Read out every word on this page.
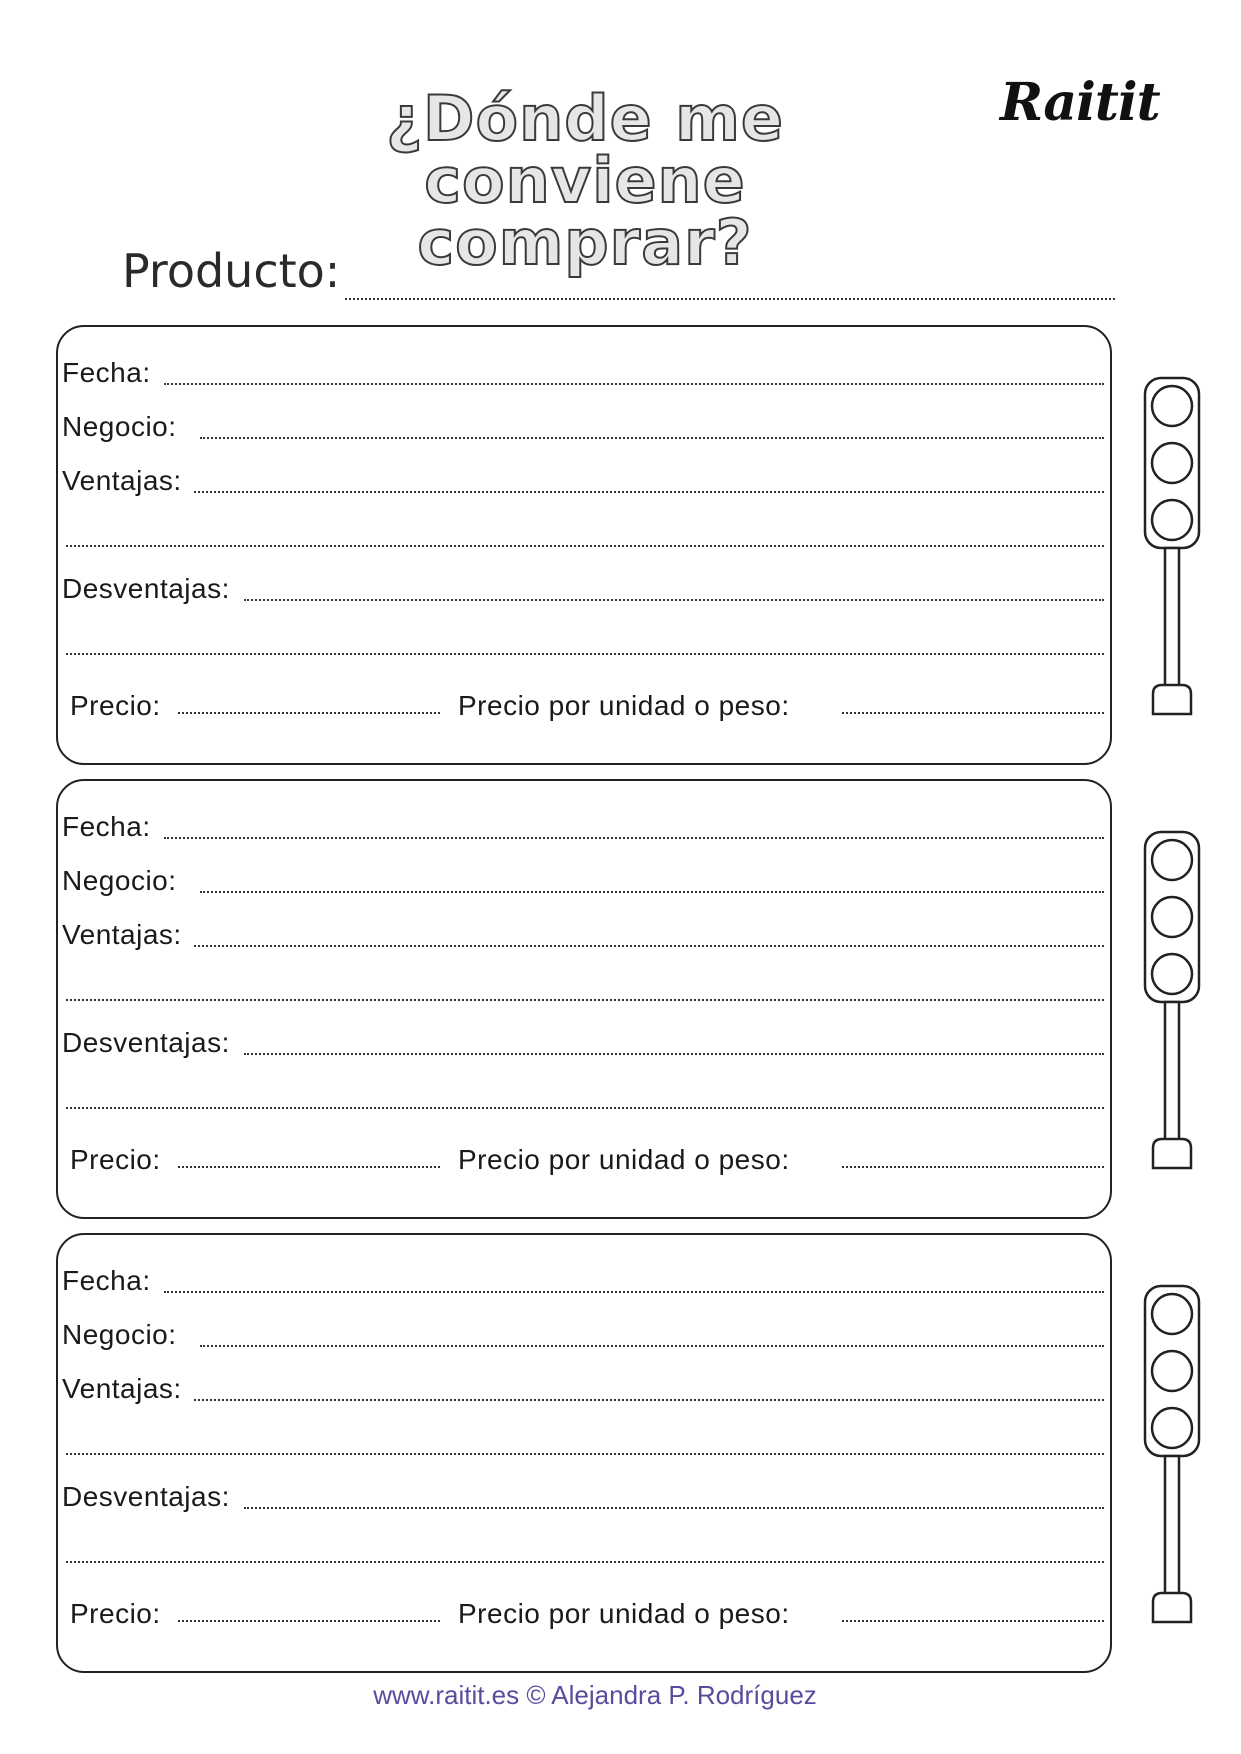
¿Dónde me conviene
comprar?
Raitit
Producto:
Fecha:
Negocio:
Ventajas:
Desventajas:
Precio:	Precio por unidad o peso:
Fecha:
Negocio:
Ventajas:
Desventajas:
Precio:	Precio por unidad o peso:
Fecha:
Negocio:
Ventajas:
Desventajas:
Precio:	Precio por unidad o peso:
www.raitit.es © Alejandra P. Rodríguez
